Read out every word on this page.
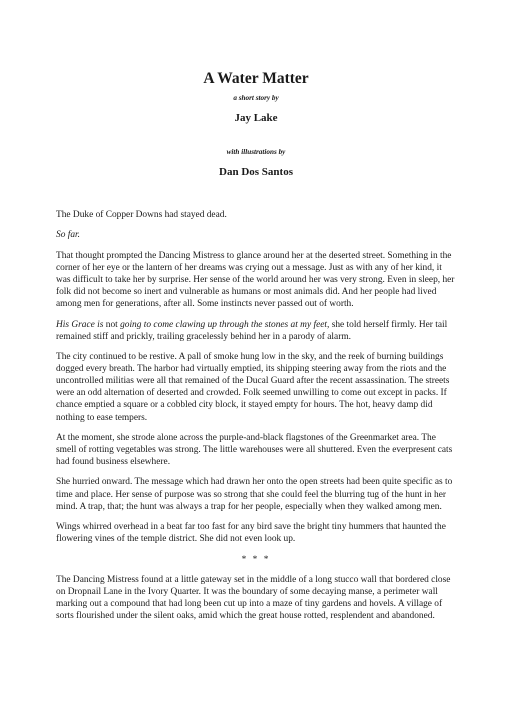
A Water Matter
a short story by
Jay Lake
with illustrations by
Dan Dos Santos

The Duke of Copper Downs had stayed dead.

So far.

That thought prompted the Dancing Mistress to glance around her at the deserted street. Something in the corner of her eye or the lantern of her dreams was crying out a message. Just as with any of her kind, it was difficult to take her by surprise. Her sense of the world around her was very strong. Even in sleep, her folk did not become so inert and vulnerable as humans or most animals did. And her people had lived among men for generations, after all. Some instincts never passed out of worth.

His Grace is not going to come clawing up through the stones at my feet, she told herself firmly. Her tail remained stiff and prickly, trailing gracelessly behind her in a parody of alarm.

The city continued to be restive. A pall of smoke hung low in the sky, and the reek of burning buildings dogged every breath. The harbor had virtually emptied, its shipping steering away from the riots and the uncontrolled militias were all that remained of the Ducal Guard after the recent assassination. The streets were an odd alternation of deserted and crowded. Folk seemed unwilling to come out except in packs. If chance emptied a square or a cobbled city block, it stayed empty for hours. The hot, heavy damp did nothing to ease tempers.

At the moment, she strode alone across the purple-and-black flagstones of the Greenmarket area. The smell of rotting vegetables was strong. The little warehouses were all shuttered. Even the everpresent cats had found business elsewhere.

She hurried onward. The message which had drawn her onto the open streets had been quite specific as to time and place. Her sense of purpose was so strong that she could feel the blurring tug of the hunt in her mind. A trap, that; the hunt was always a trap for her people, especially when they walked among men.

Wings whirred overhead in a beat far too fast for any bird save the bright tiny hummers that haunted the flowering vines of the temple district. She did not even look up.

* * *

The Dancing Mistress found at a little gateway set in the middle of a long stucco wall that bordered close on Dropnail Lane in the Ivory Quarter. It was the boundary of some decaying manse, a perimeter wall marking out a compound that had long been cut up into a maze of tiny gardens and hovels. A village of sorts flourished under the silent oaks, amid which the great house rotted, resplendent and abandoned.
